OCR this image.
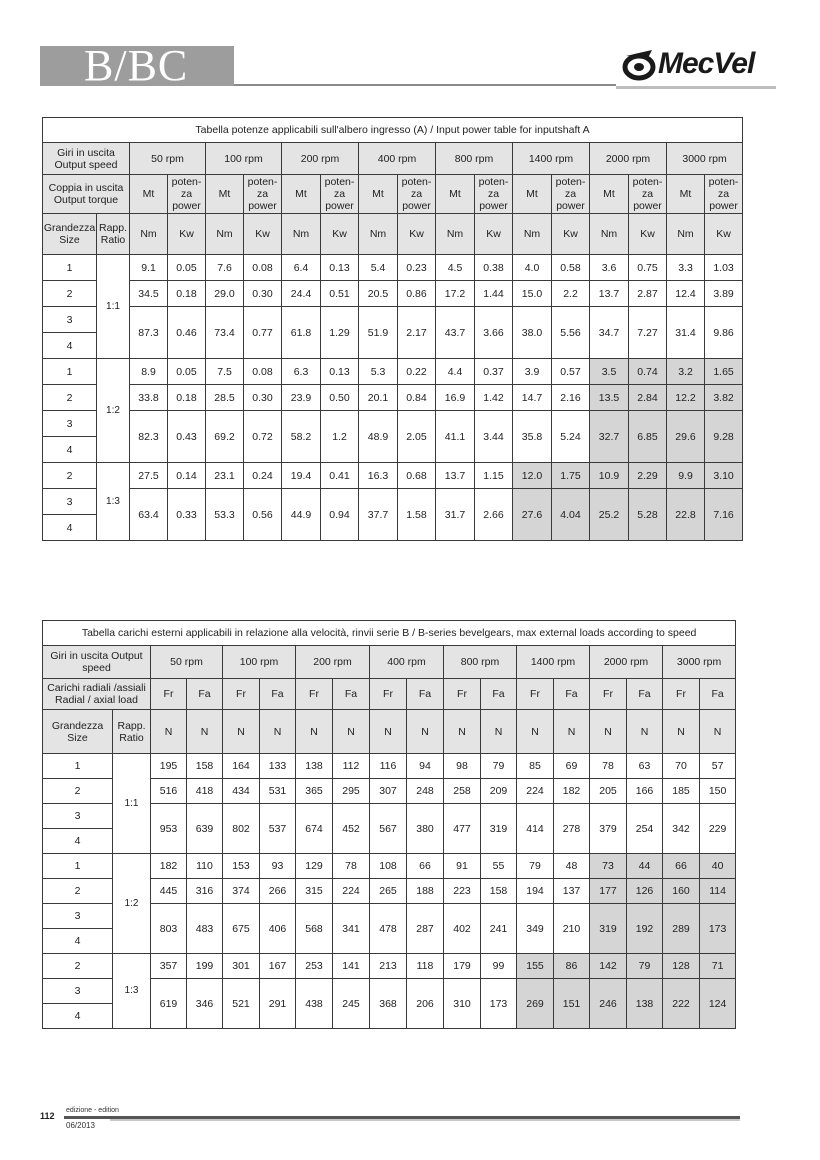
B/BC	MecVel
Tabella potenze applicabili sull'albero ingresso (A) / Input power table for inputshaft A																	
Giri in uscita Output speed		50 rpm		100 rpm		200 rpm		400 rpm		800 rpm		1400 rpm		2000 rpm		3000 rpm	
Coppia in uscita Output torque		Mt	poten- za power	Mt	poten- za power	Mt	poten- za power	Mt	poten- za power	Mt	poten- za power	Mt	poten- za power	Mt	poten- za power	Mt	poten- za power
Grandezza Size	Rapp. Ratio	Nm	Kw	Nm	Kw	Nm	Kw	Nm	Kw	Nm	Kw	Nm	Kw	Nm	Kw	Nm	Kw
1	1:1	9.1	0.05	7.6	0.08	6.4	0.13	5.4	0.23	4.5	0.38	4.0	0.58	3.6	0.75	3.3	1.03
2		34.5	0.18	29.0	0.30	24.4	0.51	20.5	0.86	17.2	1.44	15.0	2.2	13.7	2.87	12.4	3.89
3		87.3	0.46	73.4	0.77	61.8	1.29	51.9	2.17	43.7	3.66	38.0	5.56	34.7	7.27	31.4	9.86
4																	
1	1:2	8.9	0.05	7.5	0.08	6.3	0.13	5.3	0.22	4.4	0.37	3.9	0.57	3.5	0.74	3.2	1.65
2		33.8	0.18	28.5	0.30	23.9	0.50	20.1	0.84	16.9	1.42	14.7	2.16	13.5	2.84	12.2	3.82
3		82.3	0.43	69.2	0.72	58.2	1.2	48.9	2.05	41.1	3.44	35.8	5.24	32.7	6.85	29.6	9.28
4																	
2	1:3	27.5	0.14	23.1	0.24	19.4	0.41	16.3	0.68	13.7	1.15	12.0	1.75	10.9	2.29	9.9	3.10
3		63.4	0.33	53.3	0.56	44.9	0.94	37.7	1.58	31.7	2.66	27.6	4.04	25.2	5.28	22.8	7.16
4																	
Tabella carichi esterni applicabili in relazione alla velocità, rinvii serie B / B-series bevelgears, max external loads according to speed																	
Giri in uscita Output speed		50 rpm		100 rpm		200 rpm		400 rpm		800 rpm		1400 rpm		2000 rpm		3000 rpm	
Carichi radiali /assiali Radial / axial load		Fr	Fa	Fr	Fa	Fr	Fa	Fr	Fa	Fr	Fa	Fr	Fa	Fr	Fa	Fr	Fa
Grandezza Size	Rapp. Ratio	N	N	N	N	N	N	N	N	N	N	N	N	N	N	N	N
1	1:1	195	158	164	133	138	112	116	94	98	79	85	69	78	63	70	57
2		516	418	434	531	365	295	307	248	258	209	224	182	205	166	185	150
3		953	639	802	537	674	452	567	380	477	319	414	278	379	254	342	229
4																	
1	1:2	182	110	153	93	129	78	108	66	91	55	79	48	73	44	66	40
2		445	316	374	266	315	224	265	188	223	158	194	137	177	126	160	114
3		803	483	675	406	568	341	478	287	402	241	349	210	319	192	289	173
4																	
2	1:3	357	199	301	167	253	141	213	118	179	99	155	86	142	79	128	71
3		619	346	521	291	438	245	368	206	310	173	269	151	246	138	222	124
4																	
112
edizione - edition
06/2013
